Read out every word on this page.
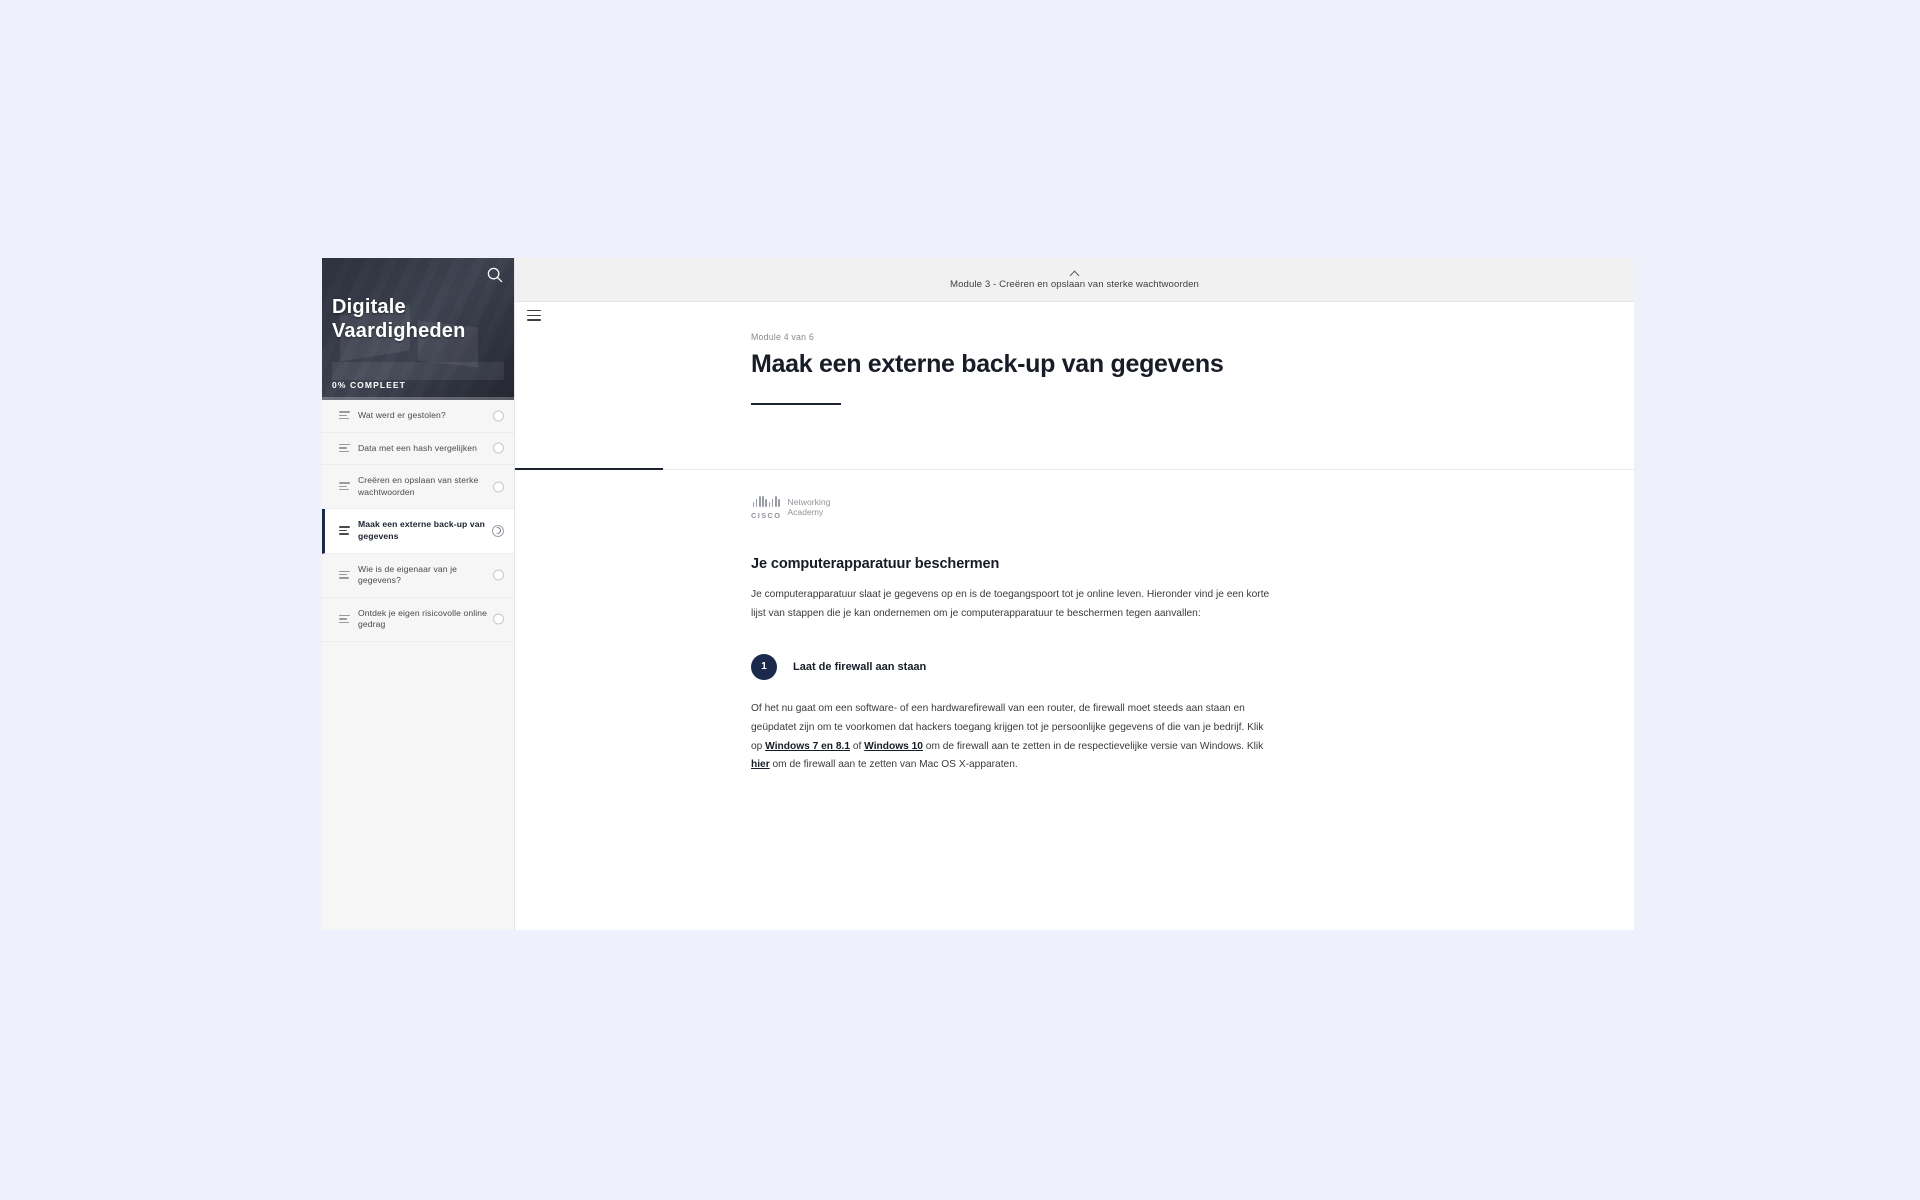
Digitale
Vaardigheden
0% COMPLEET
Wat werd er gestolen?
Data met een hash vergelijken
Creëren en opslaan van sterke wachtwoorden
Maak een externe back-up van gegevens
Wie is de eigenaar van je gegevens?
Ontdek je eigen risicovolle online gedrag
Module 3 - Creëren en opslaan van sterke wachtwoorden
Module 4 van 6
Maak een externe back-up van gegevens
CISCO
Networking
Academy
Je computerapparatuur beschermen

Je computerapparatuur slaat je gegevens op en is de toegangspoort tot je online leven. Hieronder vind je een korte lijst van stappen die je kan ondernemen om je computerapparatuur te beschermen tegen aanvallen:

1	Laat de firewall aan staan

Of het nu gaat om een software- of een hardwarefirewall van een router, de firewall moet steeds aan staan en geüpdatet zijn om te voorkomen dat hackers toegang krijgen tot je persoonlijke gegevens of die van je bedrijf. Klik op Windows 7 en 8.1 of Windows 10 om de firewall aan te zetten in de respectievelijke versie van Windows. Klik hier om de firewall aan te zetten van Mac OS X-apparaten.
